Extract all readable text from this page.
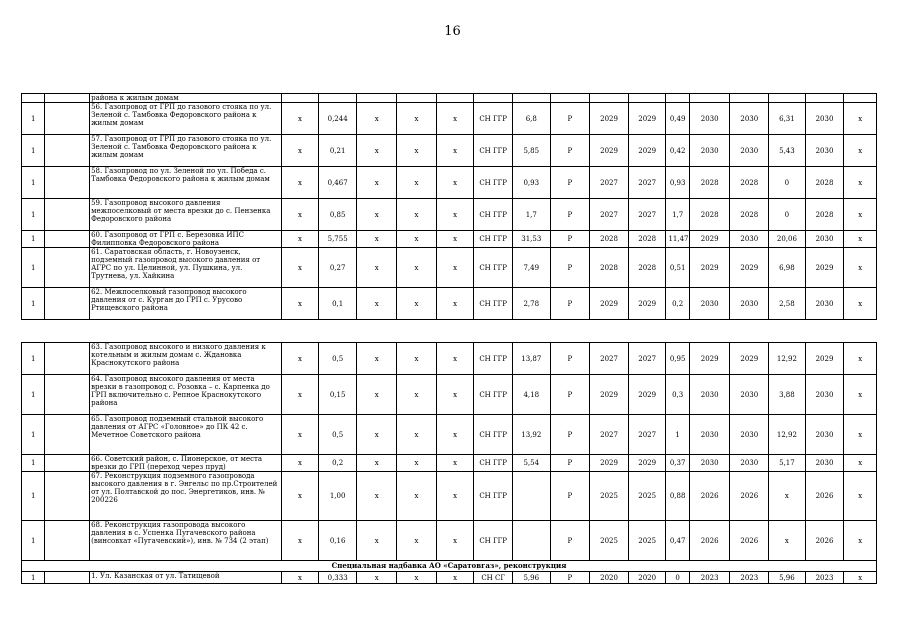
16
		района к жилым домам																
1		56. Газопровод от ГРП до газового стояка по ул. Зеленой с. Тамбовка Федоровского района к жилым домам	х	0,244	х	х	х	СН ГГР	6,8	Р	2029	2029	0,49	2030	2030	6,31	2030	х
1		57. Газопровод от ГРП до газового стояка по ул. Зеленой с. Тамбовка Федоровского района к жилым домам	х	0,21	х	х	х	СН ГГР	5,85	Р	2029	2029	0,42	2030	2030	5,43	2030	х
1		58. Газопровод по ул. Зеленой по ул. Победа с. Тамбовка Федоровского района к жилым домам	х	0,467	х	х	х	СН ГГР	0,93	Р	2027	2027	0,93	2028	2028	0	2028	х
1		59. Газопровод высокого давления межпоселковый от места врезки до с. Пензенка Федоровского района	х	0,85	х	х	х	СН ГГР	1,7	Р	2027	2027	1,7	2028	2028	0	2028	х
1		60. Газопровод от ГРП с. Березовка ИПС Филипповка Федоровского района	х	5,755	х	х	х	СН ГГР	31,53	Р	2028	2028	11,47	2029	2030	20,06	2030	х
1		61. Саратовская область, г. Новоузенск, подземный газопровод высокого давления от АГРС по ул. Целинной, ул. Пушкина, ул. Трутнева, ул. Хайкина	х	0,27	х	х	х	СН ГГР	7,49	Р	2028	2028	0,51	2029	2029	6,98	2029	х
1		62. Межпоселковый газопровод высокого давления от с. Курган до ГРП с. Урусово Ртищевского района	х	0,1	х	х	х	СН ГГР	2,78	Р	2029	2029	0,2	2030	2030	2,58	2030	х
1		63. Газопровод высокого и низкого давления к котельным и жилым домам с. Ждановка Краснокутского района	х	0,5	х	х	х	СН ГГР	13,87	Р	2027	2027	0,95	2029	2029	12,92	2029	х
1		64. Газопровод высокого давления от места врезки в газопровод с. Розовка – с. Карпенка до ГРП включительно с. Репное Краснокутского района	х	0,15	х	х	х	СН ГГР	4,18	Р	2029	2029	0,3	2030	2030	3,88	2030	х
1		65. Газопровод подземный стальной высокого давления от АГРС «Головное» до ПК 42 с. Мечетное Советского района	х	0,5	х	х	х	СН ГГР	13,92	Р	2027	2027	1	2030	2030	12,92	2030	х
1		66. Советский район, с. Пионерское, от места врезки до ГРП (переход через пруд)	х	0,2	х	х	х	СН ГГР	5,54	Р	2029	2029	0,37	2030	2030	5,17	2030	х
1		67. Реконструкция подземного газопровода высокого давления в г. Энгельс по пр.Строителей от ул. Полтавской до пос. Энергетиков, инв. № 200226	х	1,00	х	х	х	СН ГГР		Р	2025	2025	0,88	2026	2026	х	2026	х
1		68. Реконструкция газопровода высокого давления в с. Успенка Пугачевского района (винсовхат «Пугачевский»), инв. № 734 (2 этап)	х	0,16	х	х	х	СН ГГР		Р	2025	2025	0,47	2026	2026	х	2026	х
Специальная надбавка АО «Саратовгаз», реконструкция																		
1		1. Ул. Казанская от ул. Татищевой	х	0,333	х	х	х	СН СГ	5,96	Р	2020	2020	0	2023	2023	5,96	2023	х
